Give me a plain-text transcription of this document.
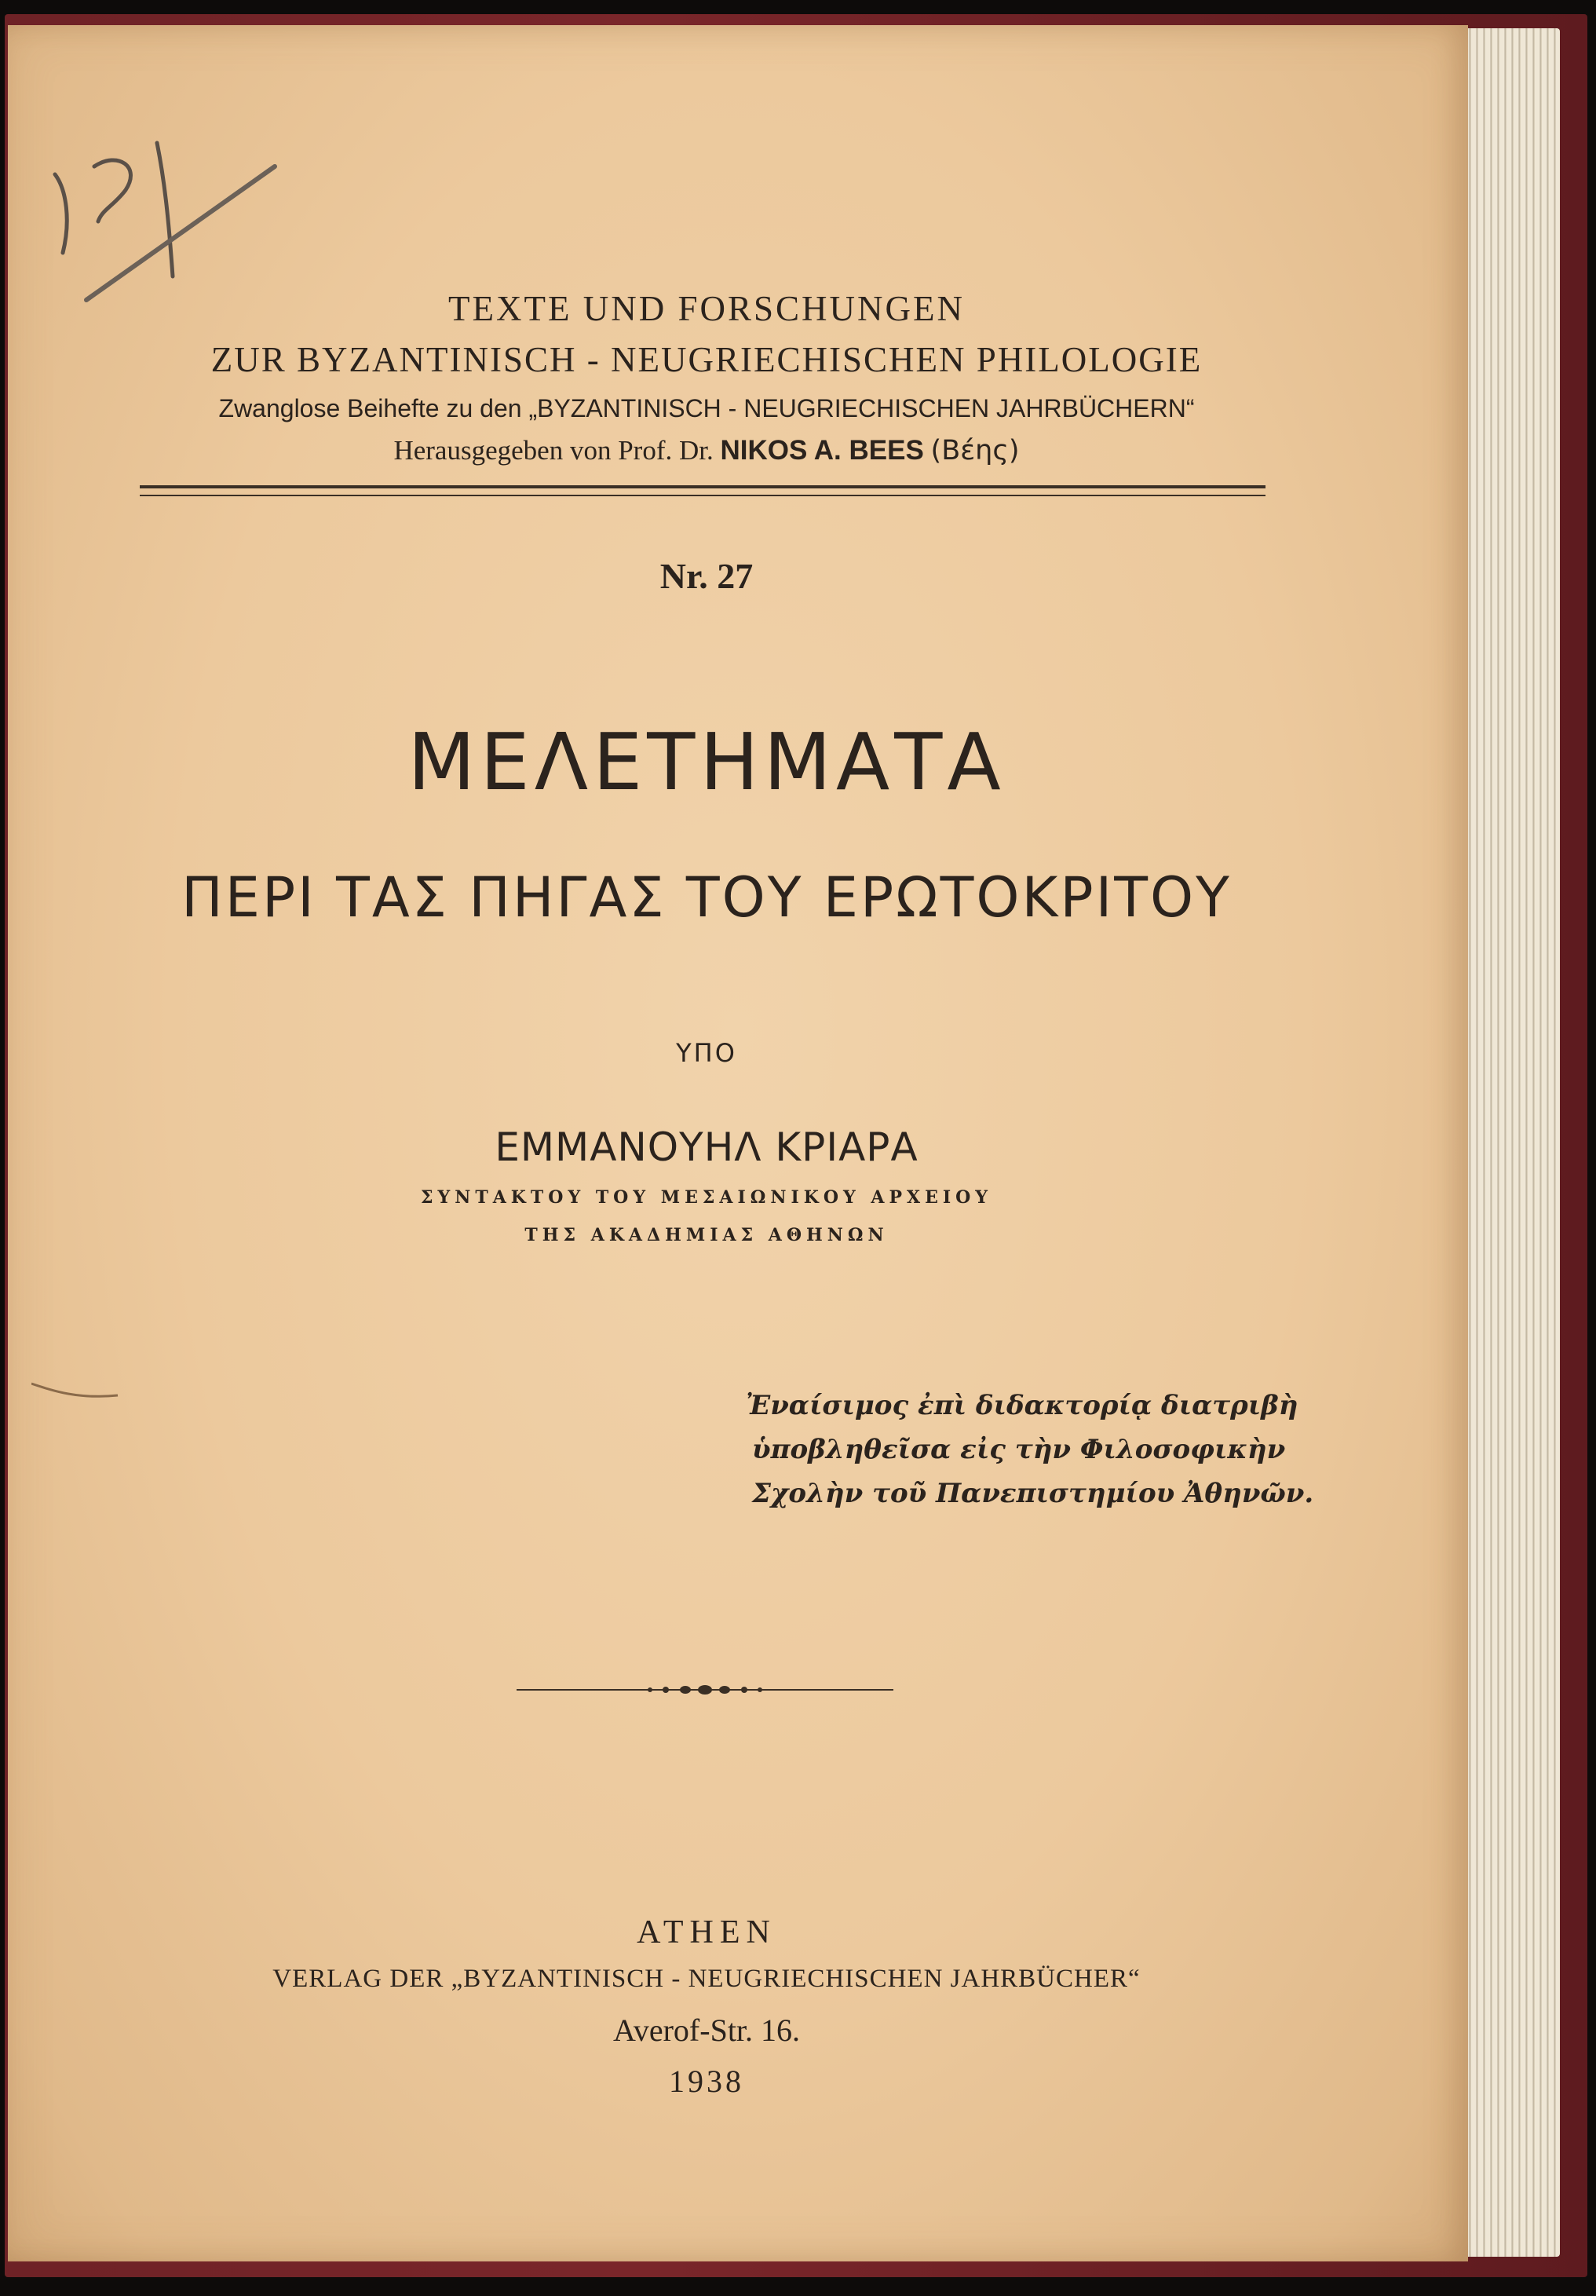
TEXTE UND FORSCHUNGEN
ZUR BYZANTINISCH - NEUGRIECHISCHEN PHILOLOGIE
Zwanglose Beihefte zu den „BYZANTINISCH - NEUGRIECHISCHEN JAHRBÜCHERN“
Herausgegeben von Prof. Dr. NIKOS A. BEES (Βέης)
Nr. 27
ΜΕΛΕΤΗΜΑΤΑ
ΠΕΡΙ ΤΑΣ ΠΗΓΑΣ ΤΟΥ ΕΡΩΤΟΚΡΙΤΟΥ
ΥΠΟ
ΕΜΜΑΝΟΥΗΛ ΚΡΙΑΡΑ
ΣΥΝΤΑΚΤΟΥ ΤΟΥ ΜΕΣΑΙΩΝΙΚΟΥ ΑΡΧΕΙΟΥ
ΤΗΣ ΑΚΑΔΗΜΙΑΣ ΑΘΗΝΩΝ
Ἐναίσιμος ἐπὶ διδακτορίᾳ διατριβὴ
ὑποβληθεῖσα εἰς τὴν Φιλοσοφικὴν
Σχολὴν τοῦ Πανεπιστημίου Ἀθηνῶν.
ATHEN
VERLAG DER „BYZANTINISCH - NEUGRIECHISCHEN JAHRBÜCHER“
Averof-Str. 16.
1938
